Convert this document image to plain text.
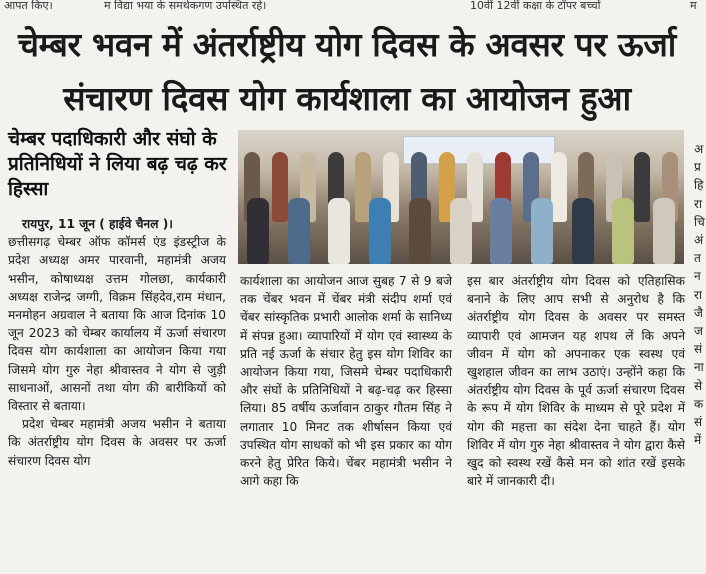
आपत किए।	म विद्या भया के समर्थकगण उपस्थित रहे।	10वीं 12वीं कक्षा के टॉपर बच्चों	म
चेम्बर भवन में अंतर्राष्ट्रीय योग दिवस के अवसर पर ऊर्जा
संचारण दिवस योग कार्यशाला का आयोजन हुआ
चेम्बर पदाधिकारी और संघो के प्रतिनिधियों ने लिया बढ़ चढ़ कर हिस्सा

रायपुर, 11 जून ( हाईवे चैनल )।

छत्तीसगढ़ चेम्बर ऑफ कॉमर्स एंड इंडस्ट्रीज के प्रदेश अध्यक्ष अमर पारवानी, महामंत्री अजय भसीन, कोषाध्यक्ष उत्तम गोलछा, कार्यकारी अध्यक्ष राजेन्द्र जग्गी, विक्रम सिंहदेव,राम मंधान, मनमोहन अग्रवाल ने बताया कि आज दिनांक 10 जून 2023 को चेम्बर कार्यालय में ऊर्जा संचारण दिवस योग कार्यशाला का आयोजन किया गया जिसमे योग गुरु नेहा श्रीवास्तव ने योग से जुड़ी साधनाओं, आसनों तथा योग की बारीकियों को विस्तार से बताया।

प्रदेश चेम्बर महामंत्री अजय भसीन ने बताया कि अंतर्राष्ट्रीय योग दिवस के अवसर पर ऊर्जा संचारण दिवस योग

कार्यशाला का आयोजन आज सुबह 7 से 9 बजे तक चेंबर भवन में चेंबर मंत्री संदीप शर्मा एवं चेंबर सांस्कृतिक प्रभारी आलोक शर्मा के सानिध्य में संपन्न हुआ। व्यापारियों में योग एवं स्वास्थ्य के प्रति नई ऊर्जा के संचार हेतु इस योग शिविर का आयोजन किया गया, जिसमे चेम्बर पदाधिकारी और संघों के प्रतिनिधियों ने बढ़-चढ़ कर हिस्सा लिया। 85 वर्षीय ऊर्जावान ठाकुर गौतम सिंह ने लगातार 10 मिनट तक शीर्षासन किया एवं उपस्थित योग साधकों को भी इस प्रकार का योग करने हेतु प्रेरित किये। चेंबर महामंत्री भसीन ने आगे कहा कि
इस बार अंतर्राष्ट्रीय योग दिवस को एतिहासिक बनाने के लिए आप सभी से अनुरोध है कि अंतर्राष्ट्रीय योग दिवस के अवसर पर समस्त व्यापारी एवं आमजन यह शपथ लें कि अपने जीवन में योग को अपनाकर एक स्वस्थ एवं खुशहाल जीवन का लाभ उठाएं। उन्होंने कहा कि अंतर्राष्ट्रीय योग दिवस के पूर्व ऊर्जा संचारण दिवस के रूप में योग शिविर के माध्यम से पूरे प्रदेश में योग की महत्ता का संदेश देना चाहते हैं। योग शिविर में योग गुरु नेहा श्रीवास्तव ने योग द्वारा कैसे खुद को स्वस्थ रखें कैसे मन को शांत रखें इसके बारे में जानकारी दी।
अ
प्र
हि
रा
चि
अं
त
न
रा
जै
ज
सं
ना
से
क
सं
में
